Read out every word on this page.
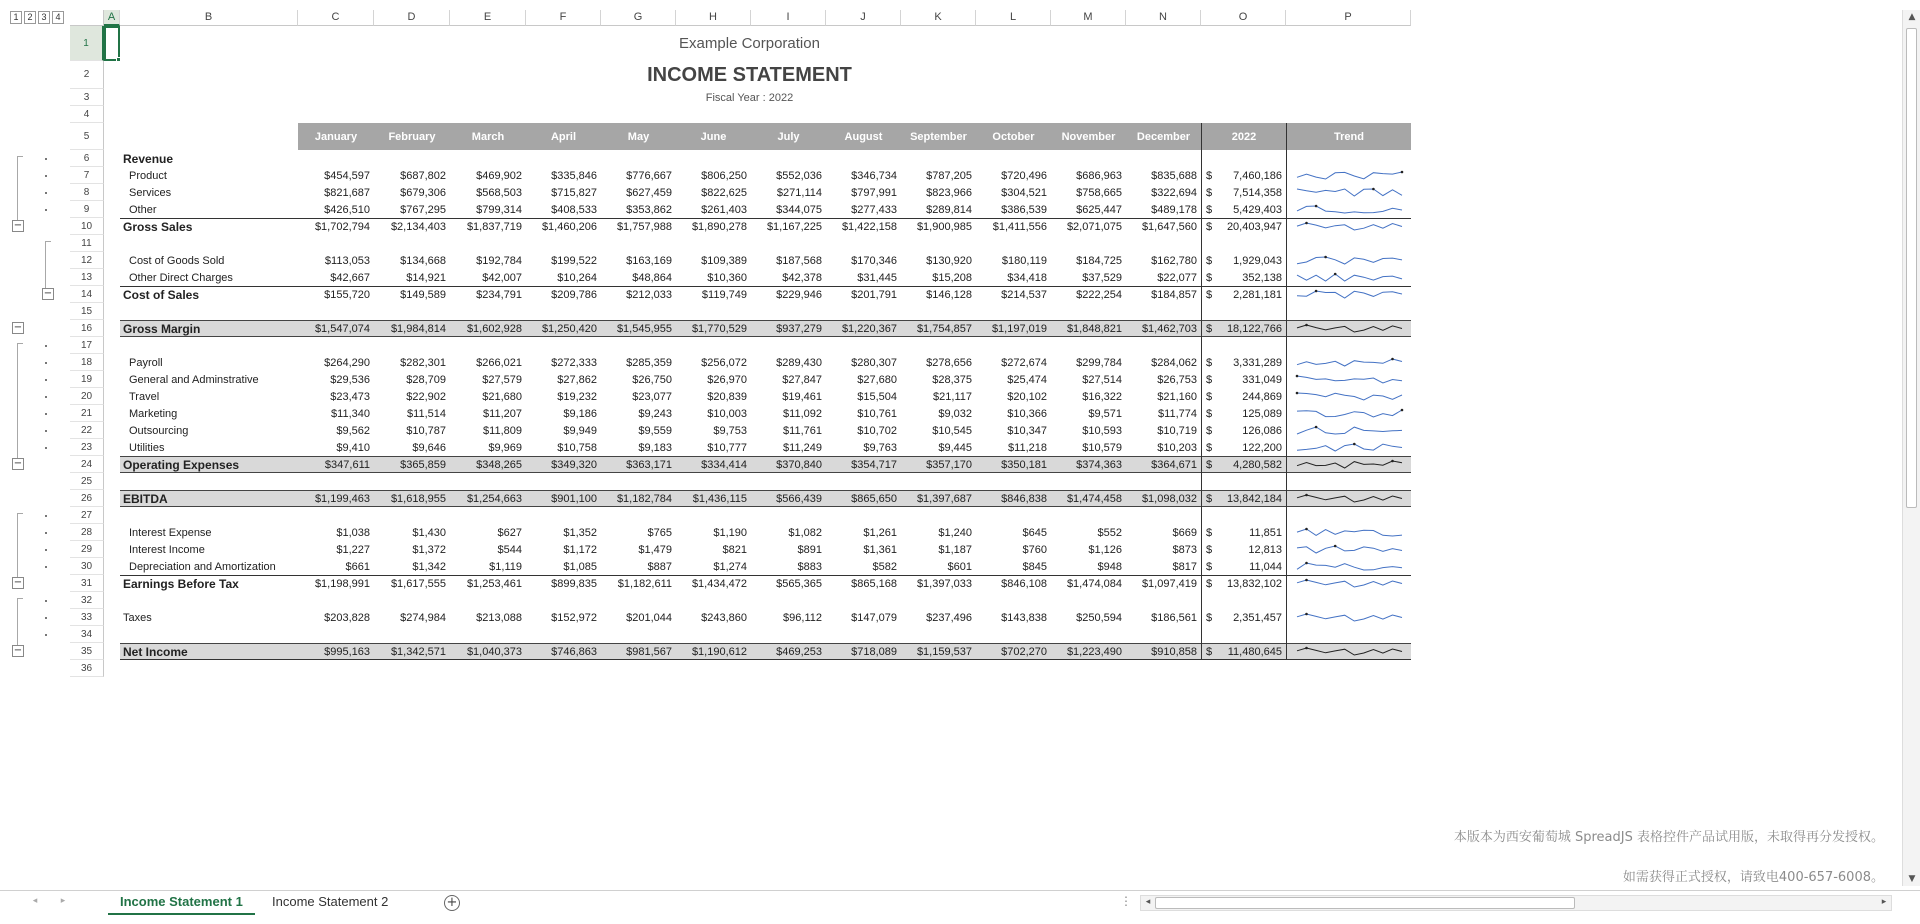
1 2 3 4
−
−
−
−
−
−
A	B	C	D	E	F	G	H	I	J	K	L	M	N	O	P
1
2
3
4
5
6
7
8
9
10
11
12
13
14
15
16
17
18
19
20
21
22
23
24
25
26
27
28
29
30
31
32
33
34
35
36
Example Corporation
INCOME STATEMENT
Fiscal Year : 2022
January	February	March	April	May	June	July	August	September	October	November	December	2022	Trend
Revenue
Product	$454,597	$687,802	$469,902	$335,846	$776,667	$806,250	$552,036	$346,734	$787,205	$720,496	$686,963	$835,688 $ 7,460,186
Services	$821,687	$679,306	$568,503	$715,827	$627,459	$822,625	$271,114	$797,991	$823,966	$304,521	$758,665	$322,694 $ 7,514,358
Other	$426,510	$767,295	$799,314	$408,533	$353,862	$261,403	$344,075	$277,433	$289,814	$386,539	$625,447	$489,178 $ 5,429,403
Gross Sales	$1,702,794	$2,134,403	$1,837,719	$1,460,206	$1,757,988	$1,890,278	$1,167,225	$1,422,158	$1,900,985	$1,411,556	$2,071,075	$1,647,560 $ 20,403,947
Cost of Goods Sold	$113,053	$134,668	$192,784	$199,522	$163,169	$109,389	$187,568	$170,346	$130,920	$180,119	$184,725	$162,780 $ 1,929,043
Other Direct Charges	$42,667	$14,921	$42,007	$10,264	$48,864	$10,360	$42,378	$31,445	$15,208	$34,418	$37,529	$22,077 $	352,138
Cost of Sales	$155,720	$149,589	$234,791	$209,786	$212,033	$119,749	$229,946	$201,791	$146,128	$214,537	$222,254	$184,857 $ 2,281,181
Gross Margin	$1,547,074	$1,984,814	$1,602,928	$1,250,420	$1,545,955	$1,770,529	$937,279	$1,220,367	$1,754,857	$1,197,019	$1,848,821	$1,462,703 $ 18,122,766
Payroll	$264,290	$282,301	$266,021	$272,333	$285,359	$256,072	$289,430	$280,307	$278,656	$272,674	$299,784	$284,062 $ 3,331,289
General and Adminstrative	$29,536	$28,709	$27,579	$27,862	$26,750	$26,970	$27,847	$27,680	$28,375	$25,474	$27,514	$26,753 $	331,049
Travel	$23,473	$22,902	$21,680	$19,232	$23,077	$20,839	$19,461	$15,504	$21,117	$20,102	$16,322	$21,160 $	244,869
Marketing	$11,340	$11,514	$11,207	$9,186	$9,243	$10,003	$11,092	$10,761	$9,032	$10,366	$9,571	$11,774 $	125,089
Outsourcing	$9,562	$10,787	$11,809	$9,949	$9,559	$9,753	$11,761	$10,702	$10,545	$10,347	$10,593	$10,719 $	126,086
Utilities	$9,410	$9,646	$9,969	$10,758	$9,183	$10,777	$11,249	$9,763	$9,445	$11,218	$10,579	$10,203 $	122,200
Operating Expenses	$347,611	$365,859	$348,265	$349,320	$363,171	$334,414	$370,840	$354,717	$357,170	$350,181	$374,363	$364,671 $ 4,280,582
EBITDA	$1,199,463	$1,618,955	$1,254,663	$901,100	$1,182,784	$1,436,115	$566,439	$865,650	$1,397,687	$846,838	$1,474,458	$1,098,032 $ 13,842,184
Interest Expense	$1,038	$1,430	$627	$1,352	$765	$1,190	$1,082	$1,261	$1,240	$645	$552	$669 $	11,851
Interest Income	$1,227	$1,372	$544	$1,172	$1,479	$821	$891	$1,361	$1,187	$760	$1,126	$873 $	12,813
Depreciation and Amortization	$661	$1,342	$1,119	$1,085	$887	$1,274	$883	$582	$601	$845	$948	$817 $	11,044
Earnings Before Tax	$1,198,991	$1,617,555	$1,253,461	$899,835	$1,182,611	$1,434,472	$565,365	$865,168	$1,397,033	$846,108	$1,474,084	$1,097,419 $ 13,832,102
Taxes	$203,828	$274,984	$213,088	$152,972	$201,044	$243,860	$96,112	$147,079	$237,496	$143,838	$250,594	$186,561 $ 2,351,457
Net Income	$995,163	$1,342,571	$1,040,373	$746,863	$981,567	$1,190,612	$469,253	$718,089	$1,159,537	$702,270	$1,223,490	$910,858 $ 11,480,645
本版本为西安葡萄城 SpreadJS 表格控件产品试用版，未取得再分发授权。
如需获得正式授权，请致电400-657-6008。
▲
▼
◂	▸	Income Statement 1	Income Statement 2	+	⋮	◂	▸
